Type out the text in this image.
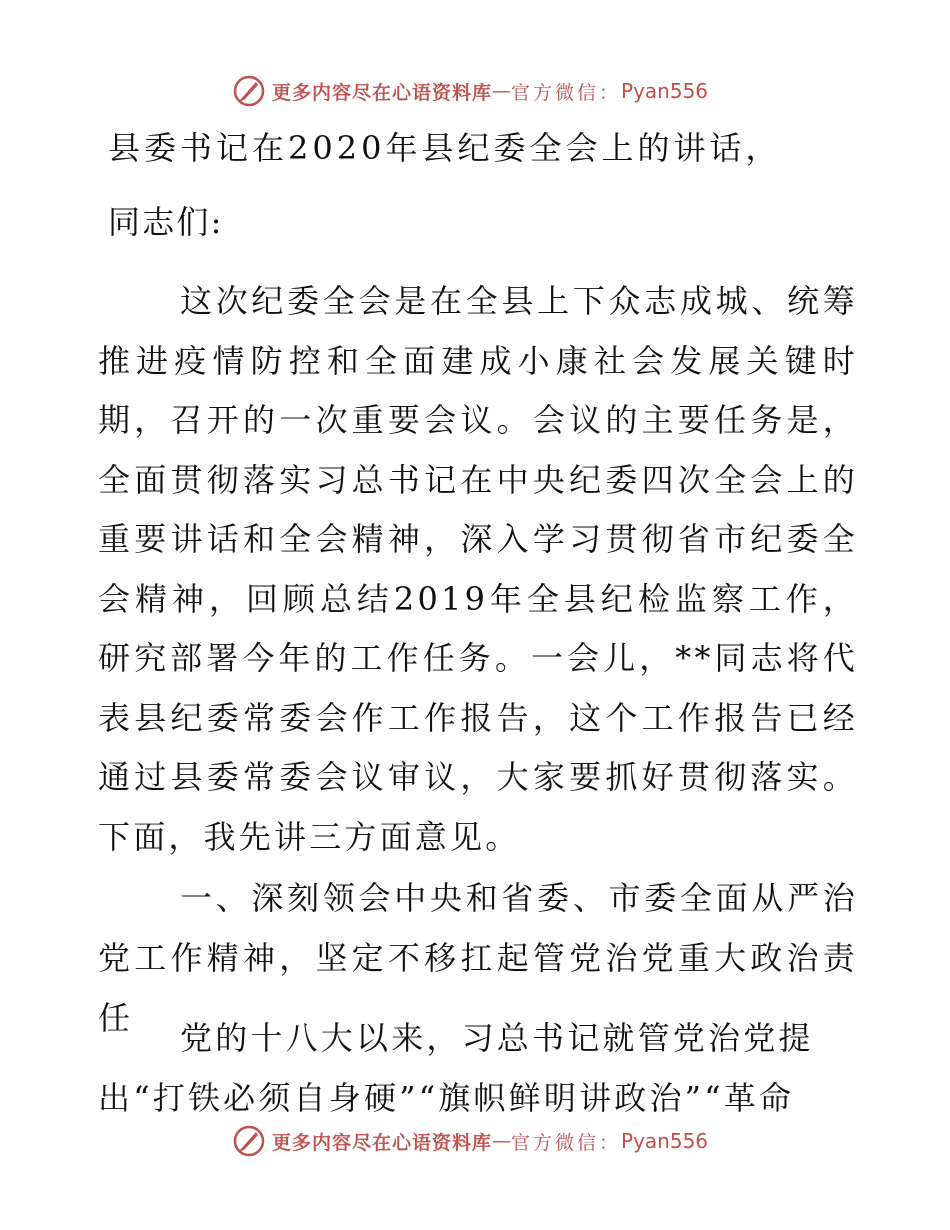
更多内容尽在心语资料库 — 官方微信： Pyan556
县委书记在2020年县纪委全会上的讲话，
同志们:
这次纪委全会是在全县上下众志成城、统筹推进疫情防控和全面建成小康社会发展关键时期，召开的一次重要会议。会议的主要任务是，全面贯彻落实习总书记在中央纪委四次全会上的重要讲话和全会精神，深入学习贯彻省市纪委全会精神，回顾总结2019年全县纪检监察工作，研究部署今年的工作任务。一会儿，**同志将代表县纪委常委会作工作报告，这个工作报告已经通过县委常委会议审议，大家要抓好贯彻落实。下面，我先讲三方面意见。
一、深刻领会中央和省委、市委全面从严治党工作精神，坚定不移扛起管党治党重大政治责任
党的十八大以来，习总书记就管党治党提
出“打铁必须自身硬”“旗帜鲜明讲政治”“革命
更多内容尽在心语资料库 — 官方微信： Pyan556
